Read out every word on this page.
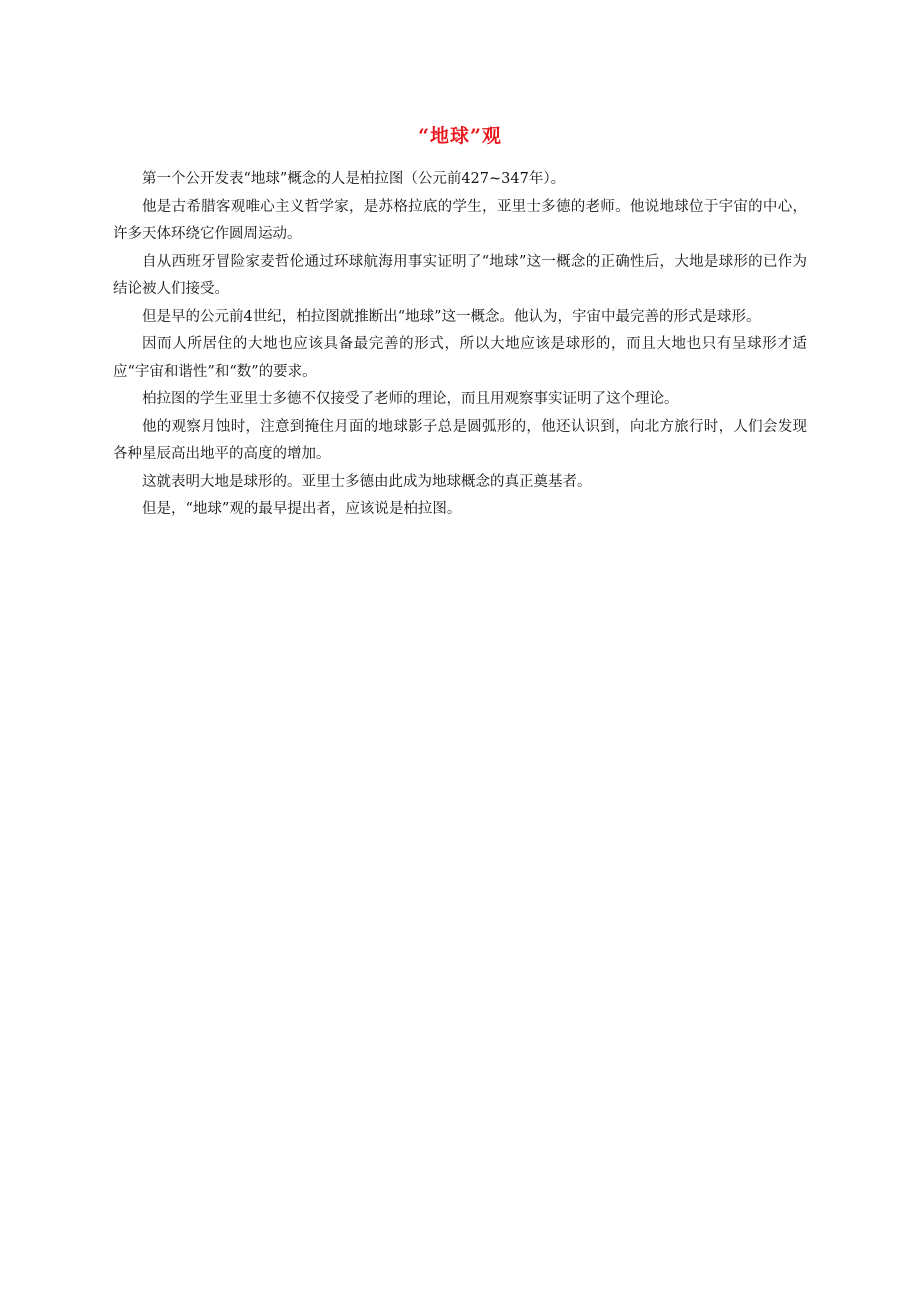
“地球”观

第一个公开发表“地球”概念的人是柏拉图（公元前427~347年）。

他是古希腊客观唯心主义哲学家，是苏格拉底的学生，亚里士多德的老师。他说地球位于宇宙的中心，许多天体环绕它作圆周运动。

自从西班牙冒险家麦哲伦通过环球航海用事实证明了“地球”这一概念的正确性后，大地是球形的已作为结论被人们接受。

但是早的公元前4世纪，柏拉图就推断出“地球”这一概念。他认为，宇宙中最完善的形式是球形。

因而人所居住的大地也应该具备最完善的形式，所以大地应该是球形的，而且大地也只有呈球形才适应“宇宙和谐性”和“数”的要求。

柏拉图的学生亚里士多德不仅接受了老师的理论，而且用观察事实证明了这个理论。

他的观察月蚀时，注意到掩住月面的地球影子总是圆弧形的，他还认识到，向北方旅行时，人们会发现各种星辰高出地平的高度的增加。

这就表明大地是球形的。亚里士多德由此成为地球概念的真正奠基者。

但是，“地球”观的最早提出者，应该说是柏拉图。
